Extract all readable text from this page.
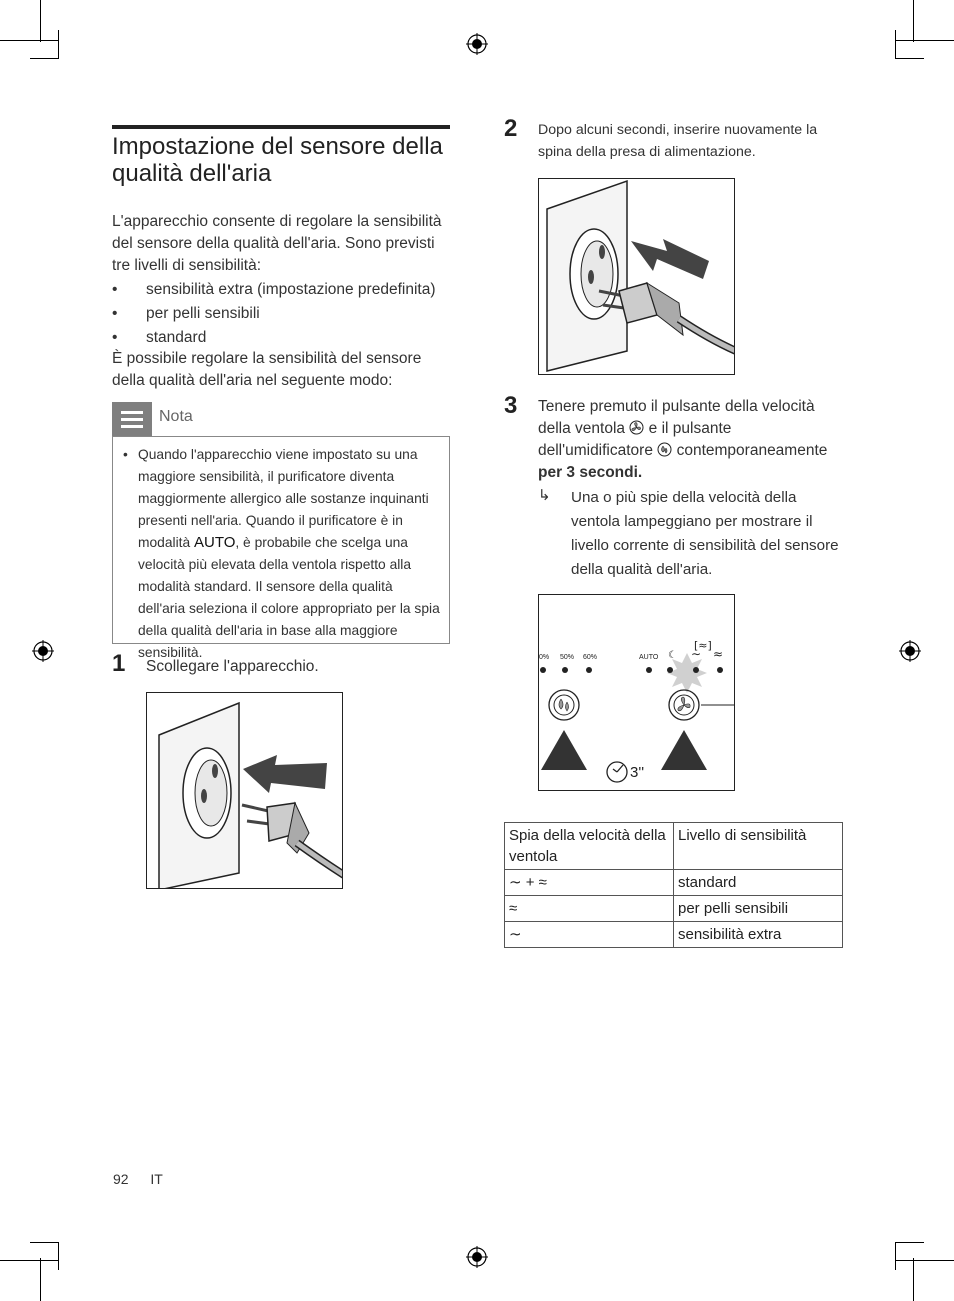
Impostazione del sensore della qualità dell'aria
L'apparecchio consente di regolare la sensibilità del sensore della qualità dell'aria. Sono previsti tre livelli di sensibilità:
• sensibilità extra (impostazione predefinita)
• per pelli sensibili
• standard
È possibile regolare la sensibilità del sensore della qualità dell'aria nel seguente modo:
Nota
• Quando l'apparecchio viene impostato su una maggiore sensibilità, il purificatore diventa maggiormente allergico alle sostanze inquinanti presenti nell'aria. Quando il purificatore è in modalità AUTO, è probabile che scelga una velocità più elevata della ventola rispetto alla modalità standard. Il sensore della qualità dell'aria seleziona il colore appropriato per la spia della qualità dell'aria in base alla maggiore sensibilità.
1 Scollegare l'apparecchio.
2 Dopo alcuni secondi, inserire nuovamente la spina della presa di alimentazione.
3 Tenere premuto il pulsante della velocità della ventola e il pulsante dell'umidificatore contemporaneamente per 3 secondi.
↳ Una o più spie della velocità della ventola lampeggiano per mostrare il livello corrente di sensibilità del sensore della qualità dell'aria.
0% 50% 60%	AUTO ☾ ∼ ≈
[≈]
3''
Spia della velocità della ventola	Livello di sensibilità
∼ + ≈	standard
≈	per pelli sensibili
∼	sensibilità extra
92 IT
